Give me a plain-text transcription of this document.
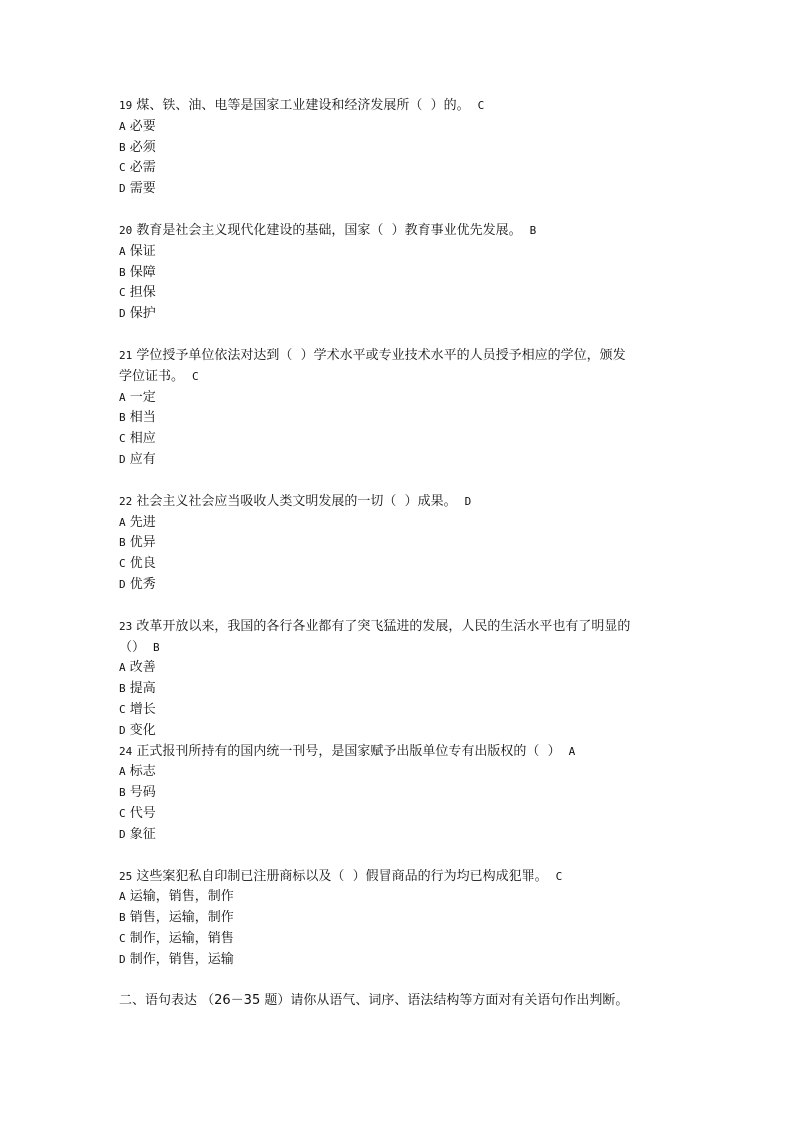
19 煤、铁、油、电等是国家工业建设和经济发展所（  ）的。 C
A 必要
B 必须
C 必需
D 需要
20 教育是社会主义现代化建设的基础，国家（  ）教育事业优先发展。 B
A 保证
B 保障
C 担保
D 保护
21 学位授予单位依法对达到（  ）学术水平或专业技术水平的人员授予相应的学位，颁发
学位证书。 C
A 一定
B 相当
C 相应
D 应有
22 社会主义社会应当吸收人类文明发展的一切（  ）成果。 D
A 先进
B 优异
C 优良
D 优秀
23 改革开放以来，我国的各行各业都有了突飞猛进的发展，人民的生活水平也有了明显的
（） B
A 改善
B 提高
C 增长
D 变化
24 正式报刊所持有的国内统一刊号，是国家赋予出版单位专有出版权的（  ） A
A 标志
B 号码
C 代号
D 象征
25 这些案犯私自印制已注册商标以及（  ）假冒商品的行为均已构成犯罪。 C
A 运输，销售，制作
B 销售，运输，制作
C 制作，运输，销售
D 制作，销售，运输
二、语句表达 （26－35 题）请你从语气、词序、语法结构等方面对有关语句作出判断。
